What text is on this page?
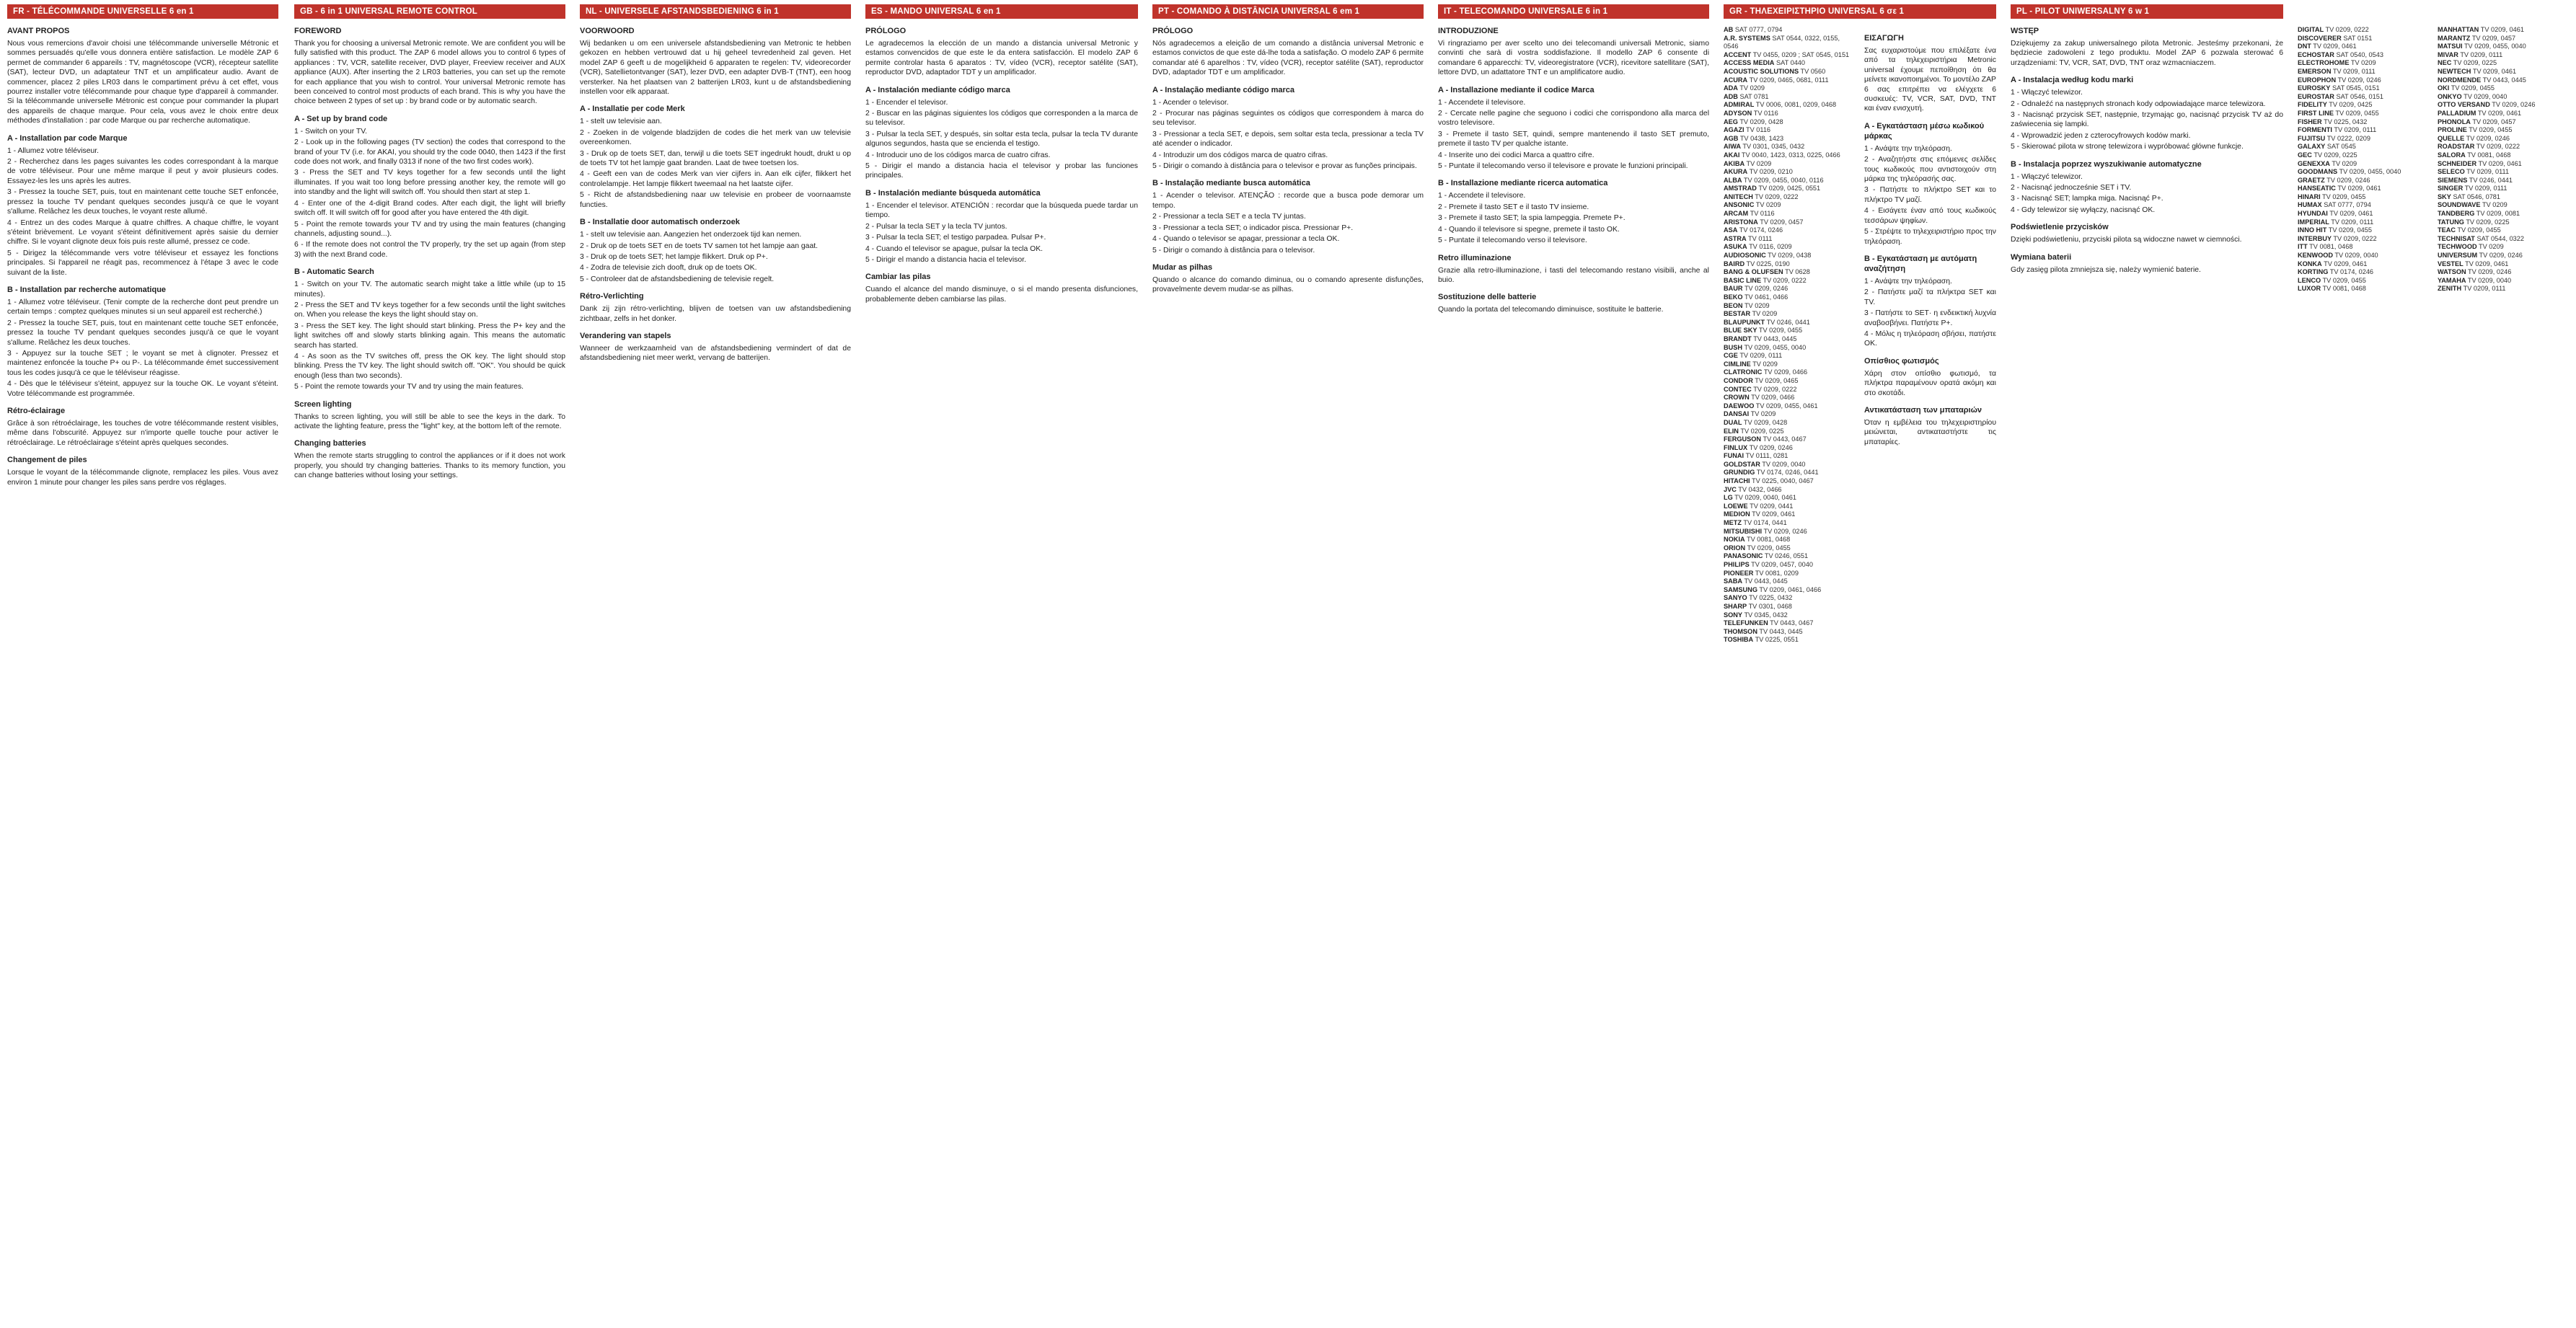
FR - TÉLÉCOMMANDE UNIVERSELLE 6 en 1
AVANT PROPOS
Nous vous remercions d'avoir choisi une télécommande universelle Métronic et sommes persuadés qu'elle vous donnera entière satisfaction. Le modèle ZAP 6 permet de commander 6 appareils : TV, magnétoscope (VCR), récepteur satellite (SAT), lecteur DVD, un adaptateur TNT et un amplificateur audio. Avant de commencer, placez 2 piles LR03 dans le compartiment prévu à cet effet, vous pourrez installer votre télécommande pour chaque type d'appareil à commander. Si la télécommande universelle Métronic est conçue pour commander la plupart des appareils de chaque marque. Pour cela, vous avez le choix entre deux méthodes d'installation : par code Marque ou par recherche automatique.
A - Installation par code Marque
1 - Allumez votre téléviseur.
2 - Recherchez dans les pages suivantes les codes correspondant à la marque de votre téléviseur. Pour une même marque il peut y avoir plusieurs codes. Essayez-les les uns après les autres.
3 - Pressez la touche SET, puis, tout en maintenant cette touche SET enfoncée, pressez la touche TV pendant quelques secondes jusqu'à ce que le voyant s'allume. Relâchez les deux touches, le voyant reste allumé.
4 - Entrez un des codes Marque à quatre chiffres. A chaque chiffre, le voyant s'éteint brièvement. Le voyant s'éteint définitivement après saisie du dernier chiffre. Si le voyant clignote deux fois puis reste allumé, pressez ce code.
5 - Dirigez la télécommande vers votre téléviseur et essayez les fonctions principales. Si l'appareil ne réagit pas, recommencez à l'étape 3 avec le code suivant de la liste.
B - Installation par recherche automatique
1 - Allumez votre téléviseur. (Tenir compte de la recherche dont peut prendre un certain temps : comptez quelques minutes si un seul appareil est recherché.)
2 - Pressez la touche SET, puis, tout en maintenant cette touche SET enfoncée, pressez la touche TV pendant quelques secondes jusqu'à ce que le voyant s'allume. Relâchez les deux touches.
3 - Appuyez sur la touche SET ; le voyant se met à clignoter. Pressez et maintenez enfoncée la touche P+ ou P-. La télécommande émet successivement tous les codes jusqu'à ce que le téléviseur réagisse.
4 - Dès que le téléviseur s'éteint, appuyez sur la touche OK. Le voyant s'éteint. Votre télécommande est programmée.
Rétro-éclairage
Grâce à son rétroéclairage, les touches de votre télécommande restent visibles, même dans l'obscurité. Appuyez sur n'importe quelle touche pour activer le rétroéclairage. Le rétroéclairage s'éteint après quelques secondes.
Changement de piles
Lorsque le voyant de la télécommande clignote, remplacez les piles. Vous avez environ 1 minute pour changer les piles sans perdre vos réglages.
GB - 6 in 1 UNIVERSAL REMOTE CONTROL
FOREWORD
Thank you for choosing a universal Metronic remote. We are confident you will be fully satisfied with this product. The ZAP 6 model allows you to control 6 types of appliances : TV, VCR, satellite receiver, DVD player, Freeview receiver and AUX appliance (AUX). After inserting the 2 LR03 batteries, you can set up the remote for each appliance that you wish to control. Your universal Metronic remote has been conceived to control most products of each brand. This is why you have the choice between 2 types of set up : by brand code or by automatic search.
A - Set up by brand code
1 - Switch on your TV.
2 - Look up in the following pages (TV section) the codes that correspond to the brand of your TV (i.e. for AKAI, you should try the code 0040, then 1423 if the first code does not work, and finally 0313 if none of the two first codes work).
3 - Press the SET and TV keys together for a few seconds until the light illuminates. If you wait too long before pressing another key, the remote will go into standby and the light will switch off. You should then start at step 1.
4 - Enter one of the 4-digit Brand codes. After each digit, the light will briefly switch off. It will switch off for good after you have entered the 4th digit.
5 - Point the remote towards your TV and try using the main features (changing channels, adjusting sound...).
6 - If the remote does not control the TV properly, try the set up again (from step 3) with the next Brand code.
B - Automatic Search
1 - Switch on your TV. The automatic search might take a little while (up to 15 minutes).
2 - Press the SET and TV keys together for a few seconds until the light switches on. When you release the keys the light should stay on.
3 - Press the SET key. The light should start blinking. Press the P+ key and the light switches off and slowly starts blinking again. This means the automatic search has started.
4 - As soon as the TV switches off, press the OK key. The light should stop blinking. Press the TV key. The light should switch off. "OK". You should be quick enough (less than two seconds).
5 - Point the remote towards your TV and try using the main features.
Screen lighting
Thanks to screen lighting, you will still be able to see the keys in the dark. To activate the lighting feature, press the "light" key, at the bottom left of the remote.
Changing batteries
When the remote starts struggling to control the appliances or if it does not work properly, you should try changing batteries. Thanks to its memory function, you can change batteries without losing your settings.
NL - UNIVERSELE AFSTANDSBEDIENING 6 in 1
VOORWOORD
Wij bedanken u om een universele afstandsbediening van Metronic te hebben gekozen en hebben vertrouwd dat u hij geheel tevredenheid zal geven. Het model ZAP 6 geeft u de mogelijkheid 6 apparaten te regelen: TV, videorecorder (VCR), Satellietontvanger (SAT), lezer DVD, een adapter DVB-T (TNT), een hoog versterker. Na het plaatsen van 2 batterijen LR03, kunt u de afstandsbediening instellen voor elk apparaat.
A - Installatie per code Merk
1 - stelt uw televisie aan.
2 - Zoeken in de volgende bladzijden de codes die het merk van uw televisie overeenkomen.
3 - Druk op de toets SET, dan, terwijl u die toets SET ingedrukt houdt, drukt u op de toets TV tot het lampje gaat branden. Laat de twee toetsen los.
4 - Geeft een van de codes Merk van vier cijfers in. Aan elk cijfer, flikkert het controlelampje. Het lampje flikkert tweemaal na het laatste cijfer.
5 - Richt de afstandsbediening naar uw televisie en probeer de voornaamste functies.
B - Installatie door automatisch onderzoek
1 - stelt uw televisie aan. Aangezien het onderzoek tijd kan nemen.
2 - Druk op de toets SET en de toets TV samen tot het lampje aan gaat.
3 - Druk op de toets SET; het lampje flikkert. Druk op P+.
4 - Zodra de televisie zich dooft, druk op de toets OK.
5 - Controleer dat de afstandsbediening de televisie regelt.
Rétro-Verlichting
Dank zij zijn rétro-verlichting, blijven de toetsen van uw afstandsbediening zichtbaar, zelfs in het donker.
Verandering van stapels
Wanneer de werkzaamheid van de afstandsbediening vermindert of dat de afstandsbediening niet meer werkt, vervang de batterijen.
ES - MANDO UNIVERSAL 6 en 1
PRÓLOGO
Le agradecemos la elección de un mando a distancia universal Metronic y estamos convencidos de que este le da entera satisfacción. El modelo ZAP 6 permite controlar hasta 6 aparatos : TV, vídeo (VCR), receptor satélite (SAT), reproductor DVD, adaptador TDT y un amplificador.
A - Instalación mediante código marca
1 - Encender el televisor.
2 - Buscar en las páginas siguientes los códigos que corresponden a la marca de su televisor.
3 - Pulsar la tecla SET, y después, sin soltar esta tecla, pulsar la tecla TV durante algunos segundos, hasta que se encienda el testigo.
4 - Introducir uno de los códigos marca de cuatro cifras.
5 - Dirigir el mando a distancia hacia el televisor y probar las funciones principales.
B - Instalación mediante búsqueda automática
1 - Encender el televisor. ATENCIÓN : recordar que la búsqueda puede tardar un tiempo.
2 - Pulsar la tecla SET y la tecla TV juntos.
3 - Pulsar la tecla SET; el testigo parpadea. Pulsar P+.
4 - Cuando el televisor se apague, pulsar la tecla OK.
5 - Dirigir el mando a distancia hacia el televisor.
Cambiar las pilas
Cuando el alcance del mando disminuye, o si el mando presenta disfunciones, probablemente deben cambiarse las pilas.
PT - COMANDO À DISTÂNCIA UNIVERSAL 6 em 1
PRÓLOGO
Nós agradecemos a eleição de um comando a distância universal Metronic e estamos convictos de que este dá-lhe toda a satisfação. O modelo ZAP 6 permite comandar até 6 aparelhos : TV, vídeo (VCR), receptor satélite (SAT), reproductor DVD, adaptador TDT e um amplificador.
A - Instalação mediante código marca
1 - Acender o televisor.
2 - Procurar nas páginas seguintes os códigos que correspondem à marca do seu televisor.
3 - Pressionar a tecla SET, e depois, sem soltar esta tecla, pressionar a tecla TV até acender o indicador.
4 - Introduzir um dos códigos marca de quatro cifras.
5 - Dirigir o comando à distância para o televisor e provar as funções principais.
B - Instalação mediante busca automática
1 - Acender o televisor. ATENÇÃO : recorde que a busca pode demorar um tempo.
2 - Pressionar a tecla SET e a tecla TV juntas.
3 - Pressionar a tecla SET; o indicador pisca. Pressionar P+.
4 - Quando o televisor se apagar, pressionar a tecla OK.
5 - Dirigir o comando à distância para o televisor.
Mudar as pilhas
Quando o alcance do comando diminua, ou o comando apresente disfunções, provavelmente devem mudar-se as pilhas.
IT - TELECOMANDO UNIVERSALE 6 in 1
INTRODUZIONE
Vi ringraziamo per aver scelto uno dei telecomandi universali Metronic, siamo convinti che sarà di vostra soddisfazione. Il modello ZAP 6 consente di comandare 6 apparecchi: TV, videoregistratore (VCR), ricevitore satellitare (SAT), lettore DVD, un adattatore TNT e un amplificatore audio.
A - Installazione mediante il codice Marca
1 - Accendete il televisore.
2 - Cercate nelle pagine che seguono i codici che corrispondono alla marca del vostro televisore.
3 - Premete il tasto SET, quindi, sempre mantenendo il tasto SET premuto, premete il tasto TV per qualche istante.
4 - Inserite uno dei codici Marca a quattro cifre.
5 - Puntate il telecomando verso il televisore e provate le funzioni principali.
B - Installazione mediante ricerca automatica
1 - Accendete il televisore.
2 - Premete il tasto SET e il tasto TV insieme.
3 - Premete il tasto SET; la spia lampeggia. Premete P+.
4 - Quando il televisore si spegne, premete il tasto OK.
5 - Puntate il telecomando verso il televisore.
Retro illuminazione
Grazie alla retro-illuminazione, i tasti del telecomando restano visibili, anche al buio.
Sostituzione delle batterie
Quando la portata del telecomando diminuisce, sostituite le batterie.
GR - ΤΗΛΕΧΕΙΡΙΣΤΗΡΙΟ UNIVERSAL 6 σε 1
AB SAT 0777, 0794
A.R. SYSTEMS SAT 0544, 0322, 0155, 0546
ACCENT TV 0455, 0209 ; SAT 0545, 0151
ACCESS MEDIA SAT 0440
ACOUSTIC SOLUTIONS TV 0560
ACURA TV 0209, 0465, 0681, 0111
ADA TV 0209
ADB SAT 0781
ADMIRAL TV 0006, 0081, 0209, 0468
ADYSON TV 0116
AEG TV 0209, 0428
AGAZI TV 0116
AGB TV 0438, 1423
AIWA TV 0301, 0345, 0432
AKAI TV 0040, 1423, 0313, 0225, 0466
AKIBA TV 0209
AKURA TV 0209, 0210
ALBA TV 0209, 0455, 0040, 0116
AMSTRAD TV 0209, 0425, 0551
ANITECH TV 0209, 0222
ANSONIC TV 0209
ARCAM TV 0116
ARISTONA TV 0209, 0457
ASA TV 0174, 0246
ASTRA TV 0111
ASUKA TV 0116, 0209
AUDIOSONIC TV 0209, 0438
BAIRD TV 0225, 0190
BANG & OLUFSEN TV 0628
BASIC LINE TV 0209, 0222
BAUR TV 0209, 0246
BEKO TV 0461, 0466
BEON TV 0209
BESTAR TV 0209
BLAUPUNKT TV 0246, 0441
BLUE SKY TV 0209, 0455
BRANDT TV 0443, 0445
BUSH TV 0209, 0455, 0040
CGE TV 0209, 0111
CIMLINE TV 0209
CLATRONIC TV 0209, 0466
CONDOR TV 0209, 0465
CONTEC TV 0209, 0222
CROWN TV 0209, 0466
DAEWOO TV 0209, 0455, 0461
DANSAI TV 0209
DUAL TV 0209, 0428
ELIN TV 0209, 0225
FERGUSON TV 0443, 0467
FINLUX TV 0209, 0246
FUNAI TV 0111, 0281
GOLDSTAR TV 0209, 0040
GRUNDIG TV 0174, 0246, 0441
HITACHI TV 0225, 0040, 0467
JVC TV 0432, 0466
LG TV 0209, 0040, 0461
LOEWE TV 0209, 0441
MEDION TV 0209, 0461
METZ TV 0174, 0441
MITSUBISHI TV 0209, 0246
NOKIA TV 0081, 0468
ORION TV 0209, 0455
PANASONIC TV 0246, 0551
PHILIPS TV 0209, 0457, 0040
PIONEER TV 0081, 0209
SABA TV 0443, 0445
SAMSUNG TV 0209, 0461, 0466
SANYO TV 0225, 0432
SHARP TV 0301, 0468
SONY TV 0345, 0432
TELEFUNKEN TV 0443, 0467
THOMSON TV 0443, 0445
TOSHIBA TV 0225, 0551
ΕΙΣΑΓΩΓΗ
Σας ευχαριστούμε που επιλέξατε ένα από τα τηλεχειριστήρια Metronic universal έχουμε πεποίθηση ότι θα μείνετε ικανοποιημένοι. Το μοντέλο ZAP 6 σας επιτρέπει να ελέγχετε 6 συσκευές: TV, VCR, SAT, DVD, TNT και έναν ενισχυτή.
A - Εγκατάσταση μέσω κωδικού μάρκας
1 - Ανάψτε την τηλεόραση.
2 - Αναζητήστε στις επόμενες σελίδες τους κωδικούς που αντιστοιχούν στη μάρκα της τηλεόρασής σας.
3 - Πατήστε το πλήκτρο SET και το πλήκτρο TV μαζί.
4 - Εισάγετε έναν από τους κωδικούς τεσσάρων ψηφίων.
5 - Στρέψτε το τηλεχειριστήριο προς την τηλεόραση.
B - Εγκατάσταση με αυτόματη αναζήτηση
1 - Ανάψτε την τηλεόραση.
2 - Πατήστε μαζί τα πλήκτρα SET και TV.
3 - Πατήστε το SET· η ενδεικτική λυχνία αναβοσβήνει. Πατήστε P+.
4 - Μόλις η τηλεόραση σβήσει, πατήστε OK.
Οπίσθιος φωτισμός
Χάρη στον οπίσθιο φωτισμό, τα πλήκτρα παραμένουν ορατά ακόμη και στο σκοτάδι.
Αντικατάσταση των μπαταριών
Όταν η εμβέλεια του τηλεχειριστηρίου μειώνεται, αντικαταστήστε τις μπαταρίες.
PL - PILOT UNIWERSALNY 6 w 1
WSTĘP
Dziękujemy za zakup uniwersalnego pilota Metronic. Jesteśmy przekonani, że będziecie zadowoleni z tego produktu. Model ZAP 6 pozwala sterować 6 urządzeniami: TV, VCR, SAT, DVD, TNT oraz wzmacniaczem.
A - Instalacja według kodu marki
1 - Włączyć telewizor.
2 - Odnaleźć na następnych stronach kody odpowiadające marce telewizora.
3 - Nacisnąć przycisk SET, następnie, trzymając go, nacisnąć przycisk TV aż do zaświecenia się lampki.
4 - Wprowadzić jeden z czterocyfrowych kodów marki.
5 - Skierować pilota w stronę telewizora i wypróbować główne funkcje.
B - Instalacja poprzez wyszukiwanie automatyczne
1 - Włączyć telewizor.
2 - Nacisnąć jednocześnie SET i TV.
3 - Nacisnąć SET; lampka miga. Nacisnąć P+.
4 - Gdy telewizor się wyłączy, nacisnąć OK.
Podświetlenie przycisków
Dzięki podświetleniu, przyciski pilota są widoczne nawet w ciemności.
Wymiana baterii
Gdy zasięg pilota zmniejsza się, należy wymienić baterie.
DIGITAL TV 0209, 0222
DISCOVERER SAT 0151
DNT TV 0209, 0461
ECHOSTAR SAT 0540, 0543
ELECTROHOME TV 0209
EMERSON TV 0209, 0111
EUROPHON TV 0209, 0246
EUROSKY SAT 0545, 0151
EUROSTAR SAT 0546, 0151
FIDELITY TV 0209, 0425
FIRST LINE TV 0209, 0455
FISHER TV 0225, 0432
FORMENTI TV 0209, 0111
FUJITSU TV 0222, 0209
GALAXY SAT 0545
GEC TV 0209, 0225
GENEXXA TV 0209
GOODMANS TV 0209, 0455, 0040
GRAETZ TV 0209, 0246
HANSEATIC TV 0209, 0461
HINARI TV 0209, 0455
HUMAX SAT 0777, 0794
HYUNDAI TV 0209, 0461
IMPERIAL TV 0209, 0111
INNO HIT TV 0209, 0455
INTERBUY TV 0209, 0222
ITT TV 0081, 0468
KENWOOD TV 0209, 0040
KONKA TV 0209, 0461
KORTING TV 0174, 0246
LENCO TV 0209, 0455
LUXOR TV 0081, 0468
MANHATTAN TV 0209, 0461
MARANTZ TV 0209, 0457
MATSUI TV 0209, 0455, 0040
MIVAR TV 0209, 0111
NEC TV 0209, 0225
NEWTECH TV 0209, 0461
NORDMENDE TV 0443, 0445
OKI TV 0209, 0455
ONKYO TV 0209, 0040
OTTO VERSAND TV 0209, 0246
PALLADIUM TV 0209, 0461
PHONOLA TV 0209, 0457
PROLINE TV 0209, 0455
QUELLE TV 0209, 0246
ROADSTAR TV 0209, 0222
SALORA TV 0081, 0468
SCHNEIDER TV 0209, 0461
SELECO TV 0209, 0111
SIEMENS TV 0246, 0441
SINGER TV 0209, 0111
SKY SAT 0546, 0781
SOUNDWAVE TV 0209
TANDBERG TV 0209, 0081
TATUNG TV 0209, 0225
TEAC TV 0209, 0455
TECHNISAT SAT 0544, 0322
TECHWOOD TV 0209
UNIVERSUM TV 0209, 0246
VESTEL TV 0209, 0461
WATSON TV 0209, 0246
YAMAHA TV 0209, 0040
ZENITH TV 0209, 0111
